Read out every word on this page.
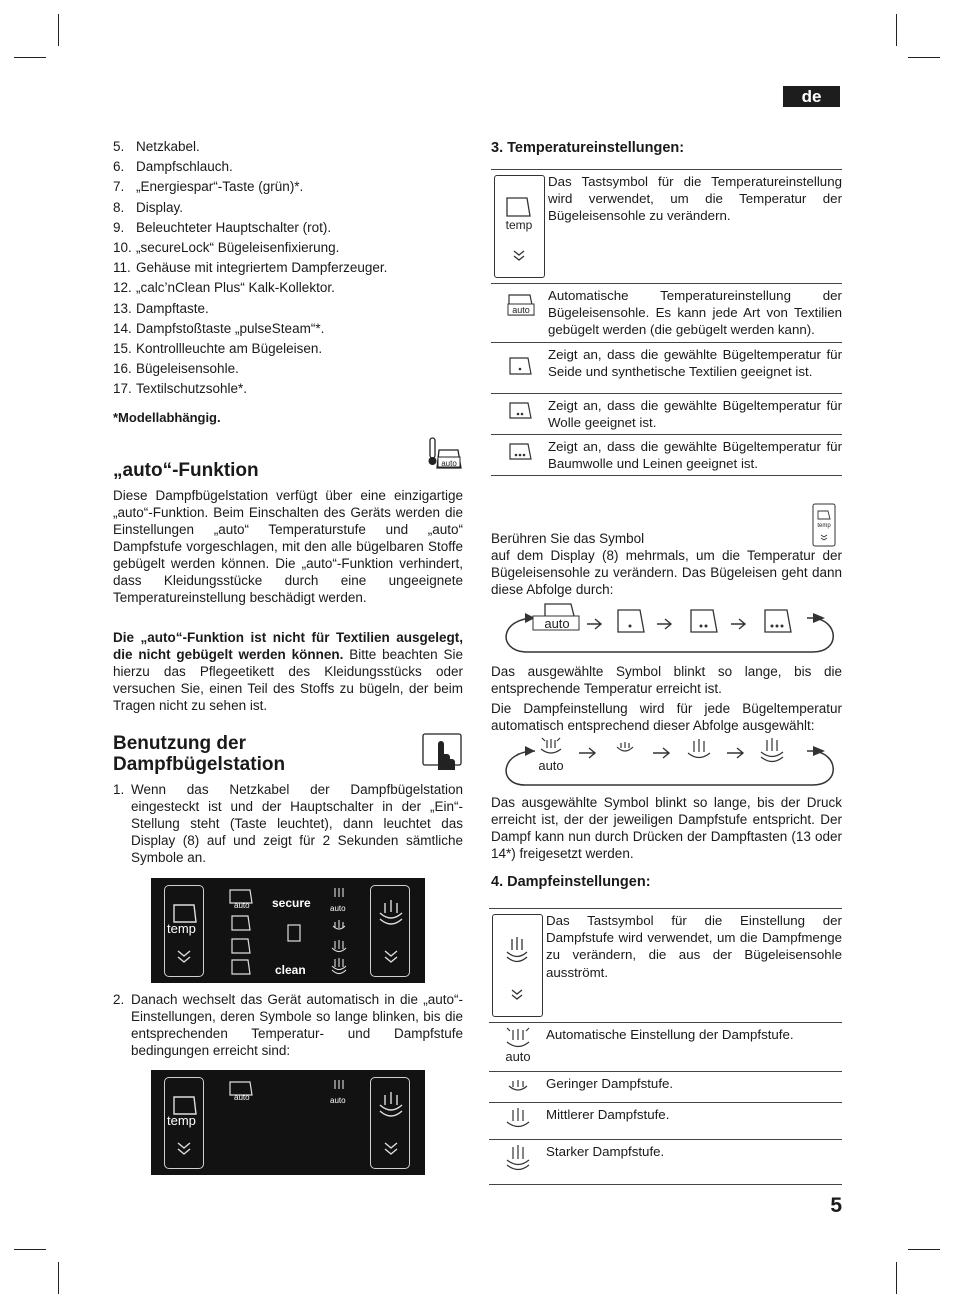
de
5
5. Netzkabel.
6. Dampfschlauch.
7. „Energiespar“-Taste (grün)*.
8. Display.
9. Beleuchteter Hauptschalter (rot).
10. „secureLock“ Bügeleisenfixierung.
11. Gehäuse mit integriertem Dampferzeuger.
12. „calc’nClean Plus“ Kalk-Kollektor.
13. Dampftaste.
14. Dampfstoßtaste „pulseSteam“*.
15. Kontrollleuchte am Bügeleisen.
16. Bügeleisensohle.
17. Textilschutzsohle*.
*Modellabhängig.
„auto“-Funktion	auto

Diese Dampfbügelstation verfügt über eine einzigartige „auto“-Funktion. Beim Einschalten des Geräts werden die Einstellungen „auto“ Temperaturstufe und „auto“ Dampfstufe vorgeschlagen, mit den alle bügelbaren Stoffe gebügelt werden können. Die „auto“-Funktion verhindert, dass Kleidungsstücke durch eine ungeeignete Temperatureinstellung beschädigt werden.

Die „auto“-Funktion ist nicht für Textilien ausgelegt, die nicht gebügelt werden können. Bitte beachten Sie hierzu das Pflegeetikett des Kleidungsstücks oder versuchen Sie, einen Teil des Stoffs zu bügeln, der beim Tragen nicht zu sehen ist.

Benutzung der
Dampfbügelstation
1. Wenn das Netzkabel der Dampfbügelstation eingesteckt ist und der Hauptschalter in der „Ein“-Stellung steht (Taste leuchtet), dann leuchtet das Display (8) auf und zeigt für 2 Sekunden sämtliche Symbole an.
temp
auto secure
clean
auto
2. Danach wechselt das Gerät automatisch in die „auto“-Einstellungen, deren Symbole so lange blinken, bis die entsprechenden Temperatur- und Dampfstufe bedingungen erreicht sind:
temp
auto	auto
3. Temperatureinstellungen:
temp	Das Tastsymbol für die Temperatureinstellung wird verwendet, um die Temperatur der Bügeleisensohle zu verändern.

auto	Automatische Temperatureinstellung der Bügeleisensohle. Es kann jede Art von Textilien gebügelt werden (die gebügelt werden kann).
	Zeigt an, dass die gewählte Bügeltemperatur für Seide und synthetische Textilien geeignet ist.
	Zeigt an, dass die gewählte Bügeltemperatur für Wolle geeignet ist.
	Zeigt an, dass die gewählte Bügeltemperatur für Baumwolle und Leinen geeignet ist.
Berühren Sie das Symbol
temp

auf dem Display (8) mehrmals, um die Temperatur der Bügeleisensohle zu verändern. Das Bügeleisen geht dann diese Abfolge durch:

auto

Das ausgewählte Symbol blinkt so lange, bis die entsprechende Temperatur erreicht ist.

Die Dampfeinstellung wird für jede Bügeltemperatur automatisch entsprechend dieser Abfolge ausgewählt:

auto

Das ausgewählte Symbol blinkt so lange, bis der Druck erreicht ist, der der jeweiligen Dampfstufe entspricht. Der Dampf kann nun durch Drücken der Dampftasten (13 oder 14*) freigesetzt werden.

4. Dampfeinstellungen:
	Das Tastsymbol für die Einstellung der Dampfstufe wird verwendet, um die Dampfmenge zu verändern, die aus der Bügeleisensohle ausströmt.

auto	Automatische Einstellung der Dampfstufe.
	Geringer Dampfstufe.
	Mittlerer Dampfstufe.
	Starker Dampfstufe.
